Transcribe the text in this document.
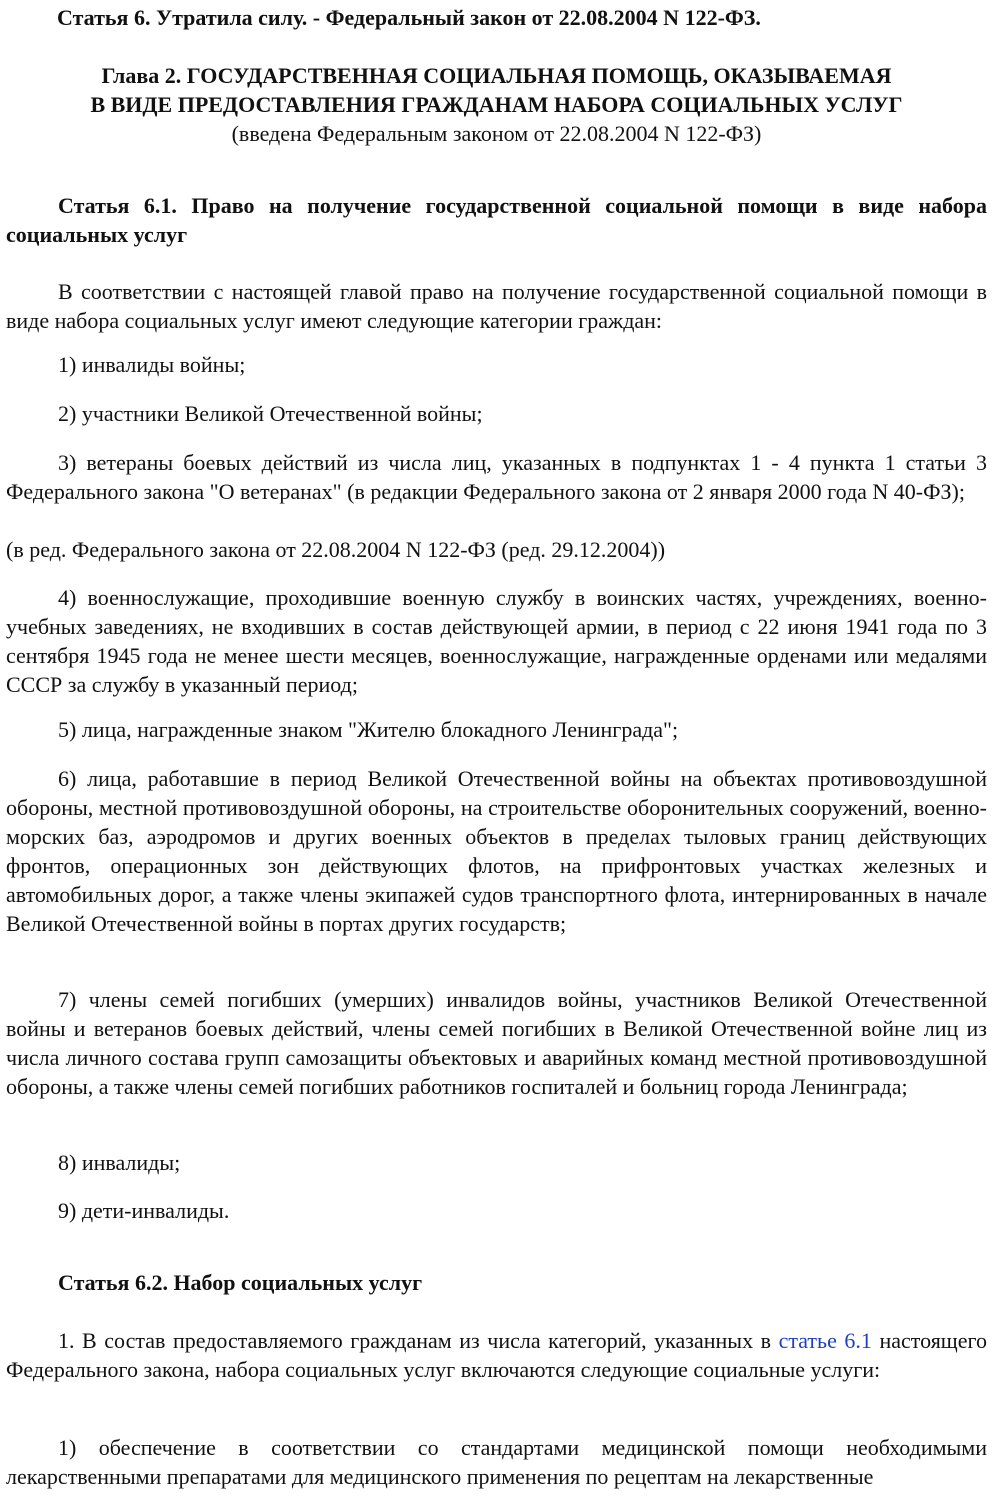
Статья 6. Утратила силу. - Федеральный закон от 22.08.2004 N 122-ФЗ.

Глава 2. ГОСУДАРСТВЕННАЯ СОЦИАЛЬНАЯ ПОМОЩЬ, ОКАЗЫВАЕМАЯ

В ВИДЕ ПРЕДОСТАВЛЕНИЯ ГРАЖДАНАМ НАБОРА СОЦИАЛЬНЫХ УСЛУГ

(введена Федеральным законом от 22.08.2004 N 122-ФЗ)

Статья 6.1. Право на получение государственной социальной помощи в виде набора социальных услуг

В соответствии с настоящей главой право на получение государственной социальной помощи в виде набора социальных услуг имеют следующие категории граждан:

1) инвалиды войны;

2) участники Великой Отечественной войны;

3) ветераны боевых действий из числа лиц, указанных в подпунктах 1 - 4 пункта 1 статьи 3 Федерального закона "О ветеранах" (в редакции Федерального закона от 2 января 2000 года N 40-ФЗ);

(в ред. Федерального закона от 22.08.2004 N 122-ФЗ (ред. 29.12.2004))

4) военнослужащие, проходившие военную службу в воинских частях, учреждениях, военно-учебных заведениях, не входивших в состав действующей армии, в период с 22 июня 1941 года по 3 сентября 1945 года не менее шести месяцев, военнослужащие, награжденные орденами или медалями СССР за службу в указанный период;

5) лица, награжденные знаком "Жителю блокадного Ленинграда";

6) лица, работавшие в период Великой Отечественной войны на объектах противовоздушной обороны, местной противовоздушной обороны, на строительстве оборонительных сооружений, военно-морских баз, аэродромов и других военных объектов в пределах тыловых границ действующих фронтов, операционных зон действующих флотов, на прифронтовых участках железных и автомобильных дорог, а также члены экипажей судов транспортного флота, интернированных в начале Великой Отечественной войны в портах других государств;

7) члены семей погибших (умерших) инвалидов войны, участников Великой Отечественной войны и ветеранов боевых действий, члены семей погибших в Великой Отечественной войне лиц из числа личного состава групп самозащиты объектовых и аварийных команд местной противовоздушной обороны, а также члены семей погибших работников госпиталей и больниц города Ленинграда;

8) инвалиды;

9) дети-инвалиды.

Статья 6.2. Набор социальных услуг

1. В состав предоставляемого гражданам из числа категорий, указанных в статье 6.1 настоящего Федерального закона, набора социальных услуг включаются следующие социальные услуги:

1) обеспечение в соответствии со стандартами медицинской помощи необходимыми лекарственными препаратами для медицинского применения по рецептам на лекарственные
